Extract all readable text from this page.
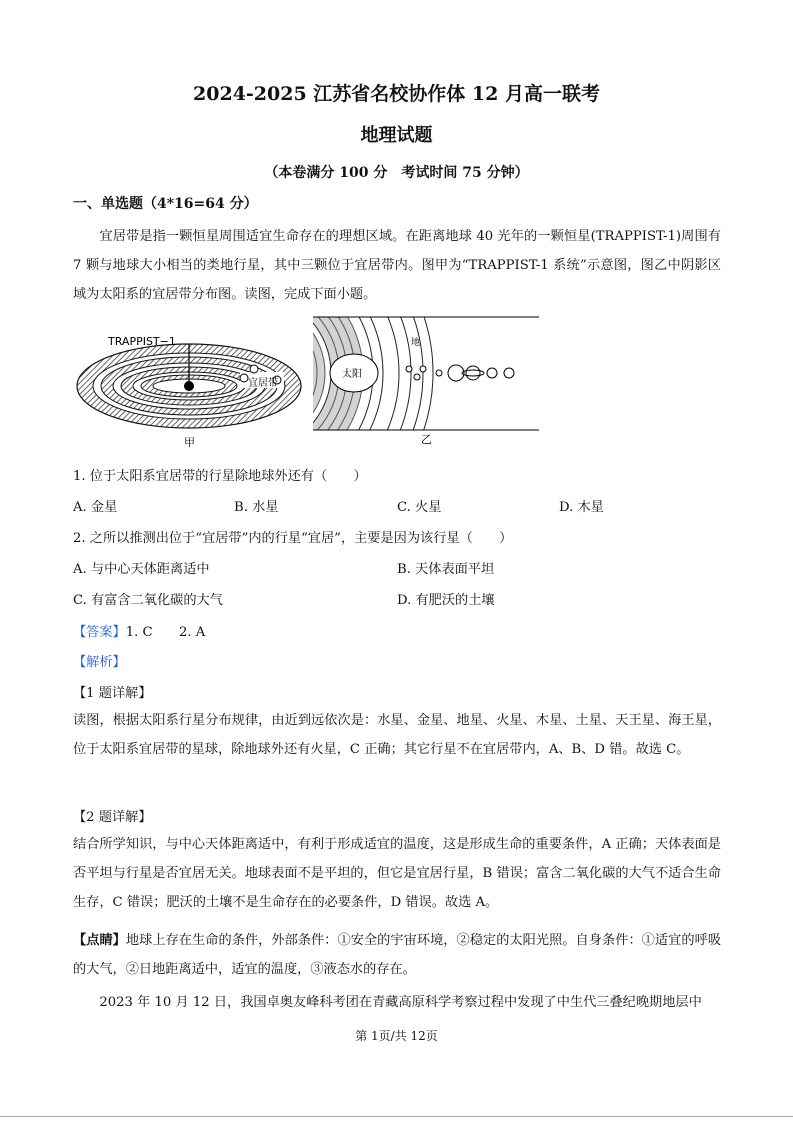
2024-2025 江苏省名校协作体 12 月高一联考
地理试题
（本卷满分 100 分　考试时间 75 分钟）
一、单选题（4*16=64 分）
宜居带是指一颗恒星周围适宜生命存在的理想区域。在距离地球 40 光年的一颗恒星(TRAPPIST-1)周围有 7 颗与地球大小相当的类地行星，其中三颗位于宜居带内。图甲为“TRAPPIST-1 系统”示意图，图乙中阴影区域为太阳系的宜居带分布图。读图，完成下面小题。
TRAPPIST−1
宜居带
甲
太阳
地
乙
1. 位于太阳系宜居带的行星除地球外还有（　　）
A. 金星	B. 水星	C. 火星	D. 木星
2. 之所以推测出位于“宜居带”内的行星“宜居”，主要是因为该行星（　　）
A. 与中心天体距离适中	B. 天体表面平坦
C. 有富含二氧化碳的大气	D. 有肥沃的土壤
【答案】1. C　　2. A
【解析】
【1 题详解】
读图，根据太阳系行星分布规律，由近到远依次是：水星、金星、地星、火星、木星、土星、天王星、海王星，位于太阳系宜居带的星球，除地球外还有火星，C 正确；其它行星不在宜居带内，A、B、D 错。故选 C。
【2 题详解】
结合所学知识，与中心天体距离适中，有利于形成适宜的温度，这是形成生命的重要条件，A 正确；天体表面是否平坦与行星是否宜居无关。地球表面不是平坦的，但它是宜居行星，B 错误；富含二氧化碳的大气不适合生命生存，C 错误；肥沃的土壤不是生命存在的必要条件，D 错误。故选 A。
【点睛】地球上存在生命的条件，外部条件：①安全的宇宙环境，②稳定的太阳光照。自身条件：①适宜的呼吸的大气，②日地距离适中，适宜的温度，③液态水的存在。
2023 年 10 月 12 日，我国卓奥友峰科考团在青藏高原科学考察过程中发现了中生代三叠纪晚期地层中
第 1页/共 12页
